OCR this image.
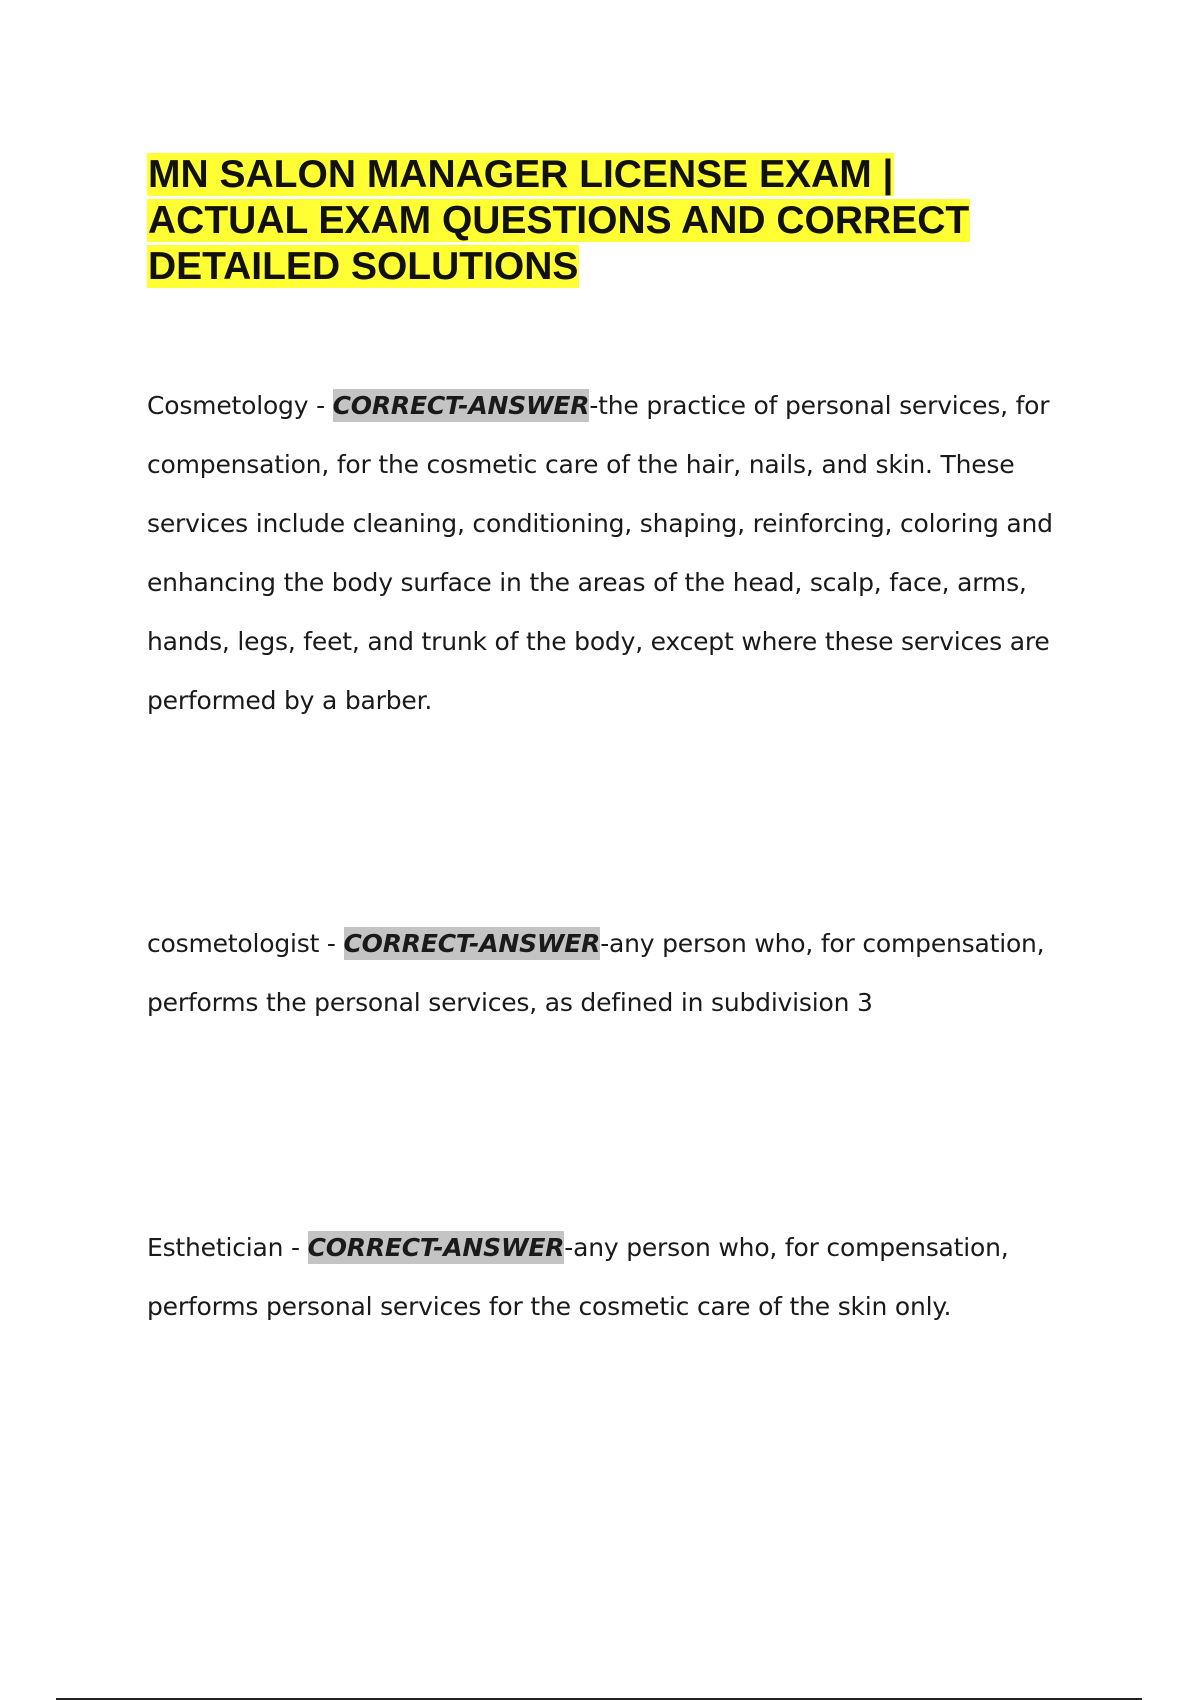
MN SALON MANAGER LICENSE EXAM | ACTUAL EXAM QUESTIONS AND CORRECT DETAILED SOLUTIONS

Cosmetology - CORRECT-ANSWER-the practice of personal services, for compensation, for the cosmetic care of the hair, nails, and skin. These services include cleaning, conditioning, shaping, reinforcing, coloring and enhancing the body surface in the areas of the head, scalp, face, arms, hands, legs, feet, and trunk of the body, except where these services are performed by a barber.

cosmetologist - CORRECT-ANSWER-any person who, for compensation, performs the personal services, as defined in subdivision 3

Esthetician - CORRECT-ANSWER-any person who, for compensation, performs personal services for the cosmetic care of the skin only.
